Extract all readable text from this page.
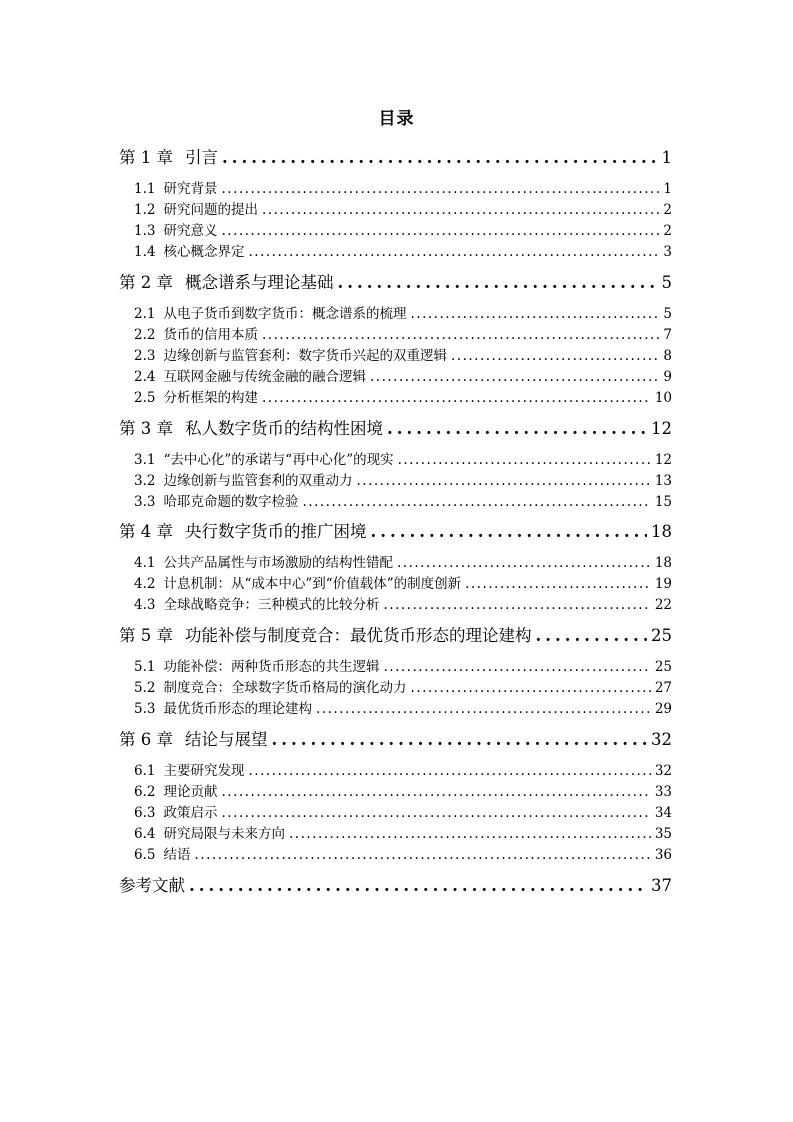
目录
第 1 章 引言 .....	1
1.1 研究背景 .....	1
1.2 研究问题的提出 .....	2
1.3 研究意义 .....	2
1.4 核心概念界定 .....	3
第 2 章 概念谱系与理论基础 .....	5
2.1 从电子货币到数字货币：概念谱系的梳理 .....	5
2.2 货币的信用本质 .....	7
2.3 边缘创新与监管套利：数字货币兴起的双重逻辑 .....	8
2.4 互联网金融与传统金融的融合逻辑 .....	9
2.5 分析框架的构建 .....	10
第 3 章 私人数字货币的结构性困境 .....	12
3.1 “去中心化”的承诺与“再中心化”的现实 .....	12
3.2 边缘创新与监管套利的双重动力 .....	13
3.3 哈耶克命题的数字检验 .....	15
第 4 章 央行数字货币的推广困境 .....	18
4.1 公共产品属性与市场激励的结构性错配 .....	18
4.2 计息机制：从“成本中心”到“价值载体”的制度创新 .....	19
4.3 全球战略竞争：三种模式的比较分析 .....	22
第 5 章 功能补偿与制度竞合：最优货币形态的理论建构 .....	25
5.1 功能补偿：两种货币形态的共生逻辑 .....	25
5.2 制度竞合：全球数字货币格局的演化动力 .....	27
5.3 最优货币形态的理论建构 .....	29
第 6 章 结论与展望 .....	32
6.1 主要研究发现 .....	32
6.2 理论贡献 .....	33
6.3 政策启示 .....	34
6.4 研究局限与未来方向 .....	35
6.5 结语 .....	36
参考文献 .....	37
